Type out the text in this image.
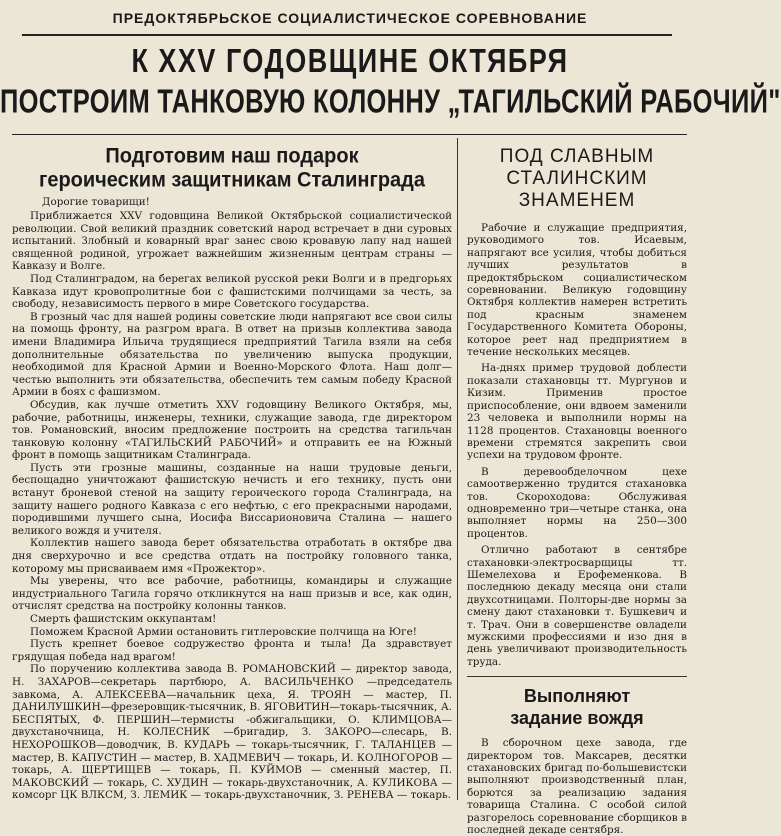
ПРЕДОКТЯБРЬСКОЕ СОЦИАЛИСТИЧЕСКОЕ СОРЕВНОВАНИЕ
К XXV ГОДОВЩИНЕ ОКТЯБРЯ
ПОСТРОИМ ТАНКОВУЮ КОЛОННУ „ТАГИЛЬСКИЙ РАБОЧИЙ"
Подготовим наш подарок
героическим защитникам Сталинграда
Дорогие товарищи!

Приближается XXV годовщина Великой Октябрьской социалистической революции. Свой великий праздник советский народ встречает в дни суровых испытаний. Злобный и коварный враг занес свою кровавую лапу над нашей священной родиной, угрожает важнейшим жизненным центрам страны — Кавказу и Волге.

Под Сталинградом, на берегах великой русской реки Волги и в предгорьях Кавказа идут кровопролитные бои с фашистскими полчищами за честь, за свободу, независимость первого в мире Советского государства.

В грозный час для нашей родины советские люди напрягают все свои силы на помощь фронту, на разгром врага. В ответ на призыв коллектива завода имени Владимира Ильича трудящиеся предприятий Тагила взяли на себя дополнительные обязательства по увеличению выпуска продукции, необходимой для Красной Армии и Военно-Морского Флота. Наш долг— честью выполнить эти обязательства, обеспечить тем самым победу Красной Армии в боях с фашизмом.

Обсудив, как лучше отметить XXV годовщину Великого Октября, мы, рабочие, работницы, инженеры, техники, служащие завода, где директором тов. Романовский, вносим предложение построить на средства тагильчан танковую колонну «ТАГИЛЬСКИЙ РАБОЧИЙ» и отправить ее на Южный фронт в помощь защитникам Сталинграда.

Пусть эти грозные машины, созданные на наши трудовые деньги, беспощадно уничтожают фашистскую нечисть и его технику, пусть они встанут броневой стеной на защиту героического города Сталинграда, на защиту нашего родного Кавказа с его нефтью, с его прекрасными народами, породившими лучшего сына, Иосифа Виссарионовича Сталина — нашего великого вождя и учителя.

Коллектив нашего завода берет обязательства отработать в октябре два дня сверхурочно и все средства отдать на постройку головного танка, которому мы присваиваем имя «Прожектор».

Мы уверены, что все рабочие, работницы, командиры и служащие индустриального Тагила горячо откликнутся на наш призыв и все, как один, отчислят средства на постройку колонны танков.

Смерть фашистским оккупантам!

Поможем Красной Армии остановить гитлеровские полчища на Юге!

Пусть крепнет боевое содружество фронта и тыла! Да здравствует грядущая победа над врагом!

По поручению коллектива завода В. РОМАНОВСКИЙ — директор завода, Н. ЗАХАРОВ—секретарь партбюро, А. ВАСИЛЬЧЕНКО —председатель завкома, А. АЛЕКСЕЕВА—начальник цеха, Я. ТРОЯН — мастер, П. ДАНИЛУШКИН—фрезеровщик-тысячник, В. ЯГОВИТИН—токарь-тысячник, А. БЕСПЯТЫХ, Ф. ПЕРШИН—термисты -обжигальщики, О. КЛИМЦОВА—двухстаночница, Н. КОЛЕСНИК —бригадир, З. ЗАКОРО—слесарь, В. НЕХОРОШКОВ—доводчик, В. КУДАРЬ — токарь-тысячник, Г. ТАЛАНЦЕВ — мастер, В. КАПУСТИН — мастер, В. ХАДМЕВИЧ — токарь, И. КОЛНОГОРОВ — токарь, А. ЩЕРТИЩЕВ — токарь, П. КУЙМОВ — сменный мастер, П. МАКОВСКИЙ — токарь, С. ХУДИН — токарь-двухстаночник, А. КУЛИКОВА — комсорг ЦК ВЛКСМ, З. ЛЕМИК — токарь-двухстаночник, З. РЕНЕВА — токарь.

ПОД СЛАВНЫМ
СТАЛИНСКИМ
ЗНАМЕНЕМ

Рабочие и служащие предприятия, руководимого тов. Исаевым, напрягают все усилия, чтобы добиться лучших результатов в предоктябрьском социалистическом соревновании. Великую годовщину Октября коллектив намерен встретить под красным знаменем Государственного Комитета Обороны, которое реет над предприятием в течение нескольких месяцев.

На-днях пример трудовой доблести показали стахановцы тт. Мургунов и Кизим. Применив простое приспособление, они вдвоем заменили 23 человека и выполнили нормы на 1128 процентов. Стахановцы военного времени стремятся закрепить свои успехи на трудовом фронте.

В деревообделочном цехе самоотверженно трудится стахановка тов. Скороходова: Обслуживая одновременно три—четыре станка, она выполняет нормы на 250—300 процентов.

Отлично работают в сентябре стахановки-электросварщицы тт. Шемелехова и Ерофеменкова. В последнюю декаду месяца они стали двухсотницами. Полторы-две нормы за смену дают стахановки т. Бушкевич и т. Трач. Они в совершенстве овладели мужскими профессиями и изо дня в день увеличивают производительность труда.

Выполняют
задание вождя

В сборочном цехе завода, где директором тов. Максарев, десятки стахановских бригад по-большевистски выполняют производственный план, борются за реализацию задания товарища Сталина. С особой силой разгорелось соревнование сборщиков в последней декаде сентября.
